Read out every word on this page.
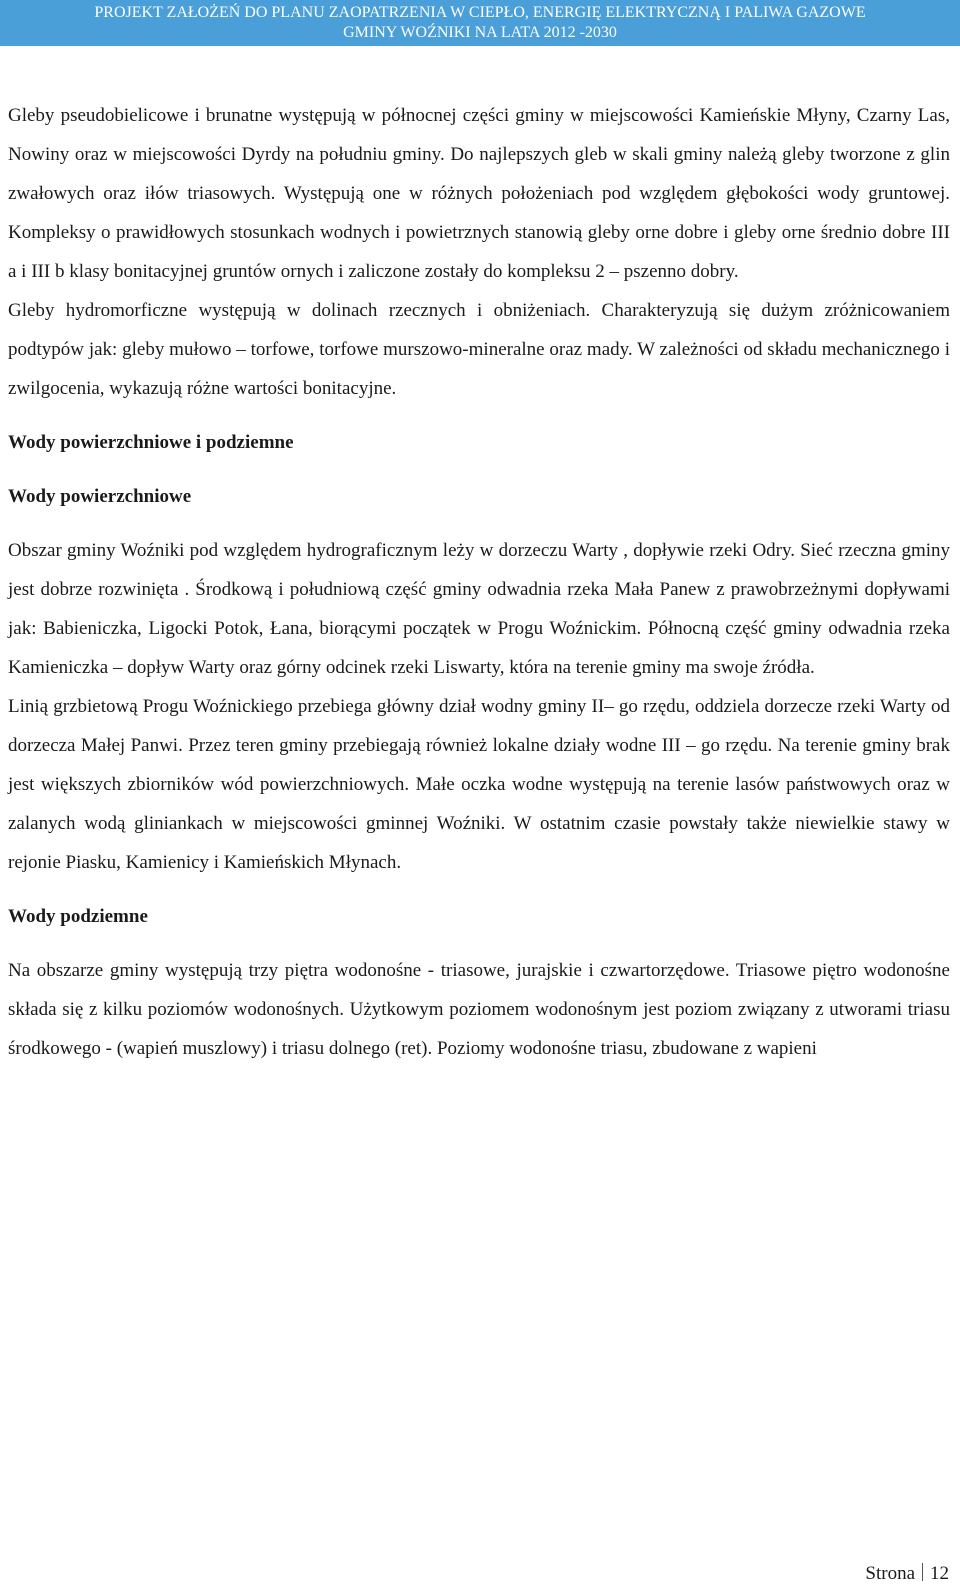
PROJEKT ZAŁOŻEŃ DO PLANU ZAOPATRZENIA W CIEPŁO, ENERGIĘ ELEKTRYCZNĄ I PALIWA GAZOWE
GMINY WOŹNIKI NA LATA 2012 -2030

Gleby pseudobielicowe i brunatne występują w północnej części gminy w miejscowości Kamieńskie Młyny, Czarny Las, Nowiny oraz w miejscowości Dyrdy na południu gminy. Do najlepszych gleb w skali gminy należą gleby tworzone z glin zwałowych oraz iłów triasowych. Występują one w różnych położeniach pod względem głębokości wody gruntowej. Kompleksy o prawidłowych stosunkach wodnych i powietrznych stanowią gleby orne dobre i gleby orne średnio dobre III a i III b klasy bonitacyjnej gruntów ornych i zaliczone zostały do kompleksu 2 – pszenno dobry.

Gleby hydromorficzne występują w dolinach rzecznych i obniżeniach. Charakteryzują się dużym zróżnicowaniem podtypów jak: gleby mułowo – torfowe, torfowe murszowo-mineralne oraz mady. W zależności od składu mechanicznego i zwilgocenia, wykazują różne wartości bonitacyjne.

Wody powierzchniowe i podziemne
Wody powierzchniowe

Obszar gminy Woźniki pod względem hydrograficznym leży w dorzeczu Warty , dopływie rzeki Odry. Sieć rzeczna gminy jest dobrze rozwinięta . Środkową i południową część gminy odwadnia rzeka Mała Panew z prawobrzeżnymi dopływami jak: Babieniczka, Ligocki Potok, Łana, biorącymi początek w Progu Woźnickim. Północną część gminy odwadnia rzeka Kamieniczka – dopływ Warty oraz górny odcinek rzeki Liswarty, która na terenie gminy ma swoje źródła.

Linią grzbietową Progu Woźnickiego przebiega główny dział wodny gminy II– go rzędu, oddziela dorzecze rzeki Warty od dorzecza Małej Panwi. Przez teren gminy przebiegają również lokalne działy wodne III – go rzędu. Na terenie gminy brak jest większych zbiorników wód powierzchniowych. Małe oczka wodne występują na terenie lasów państwowych oraz w zalanych wodą gliniankach w miejscowości gminnej Woźniki. W ostatnim czasie powstały także niewielkie stawy w rejonie Piasku, Kamienicy i Kamieńskich Młynach.

Wody podziemne

Na obszarze gminy występują trzy piętra wodonośne - triasowe, jurajskie i czwartorzędowe. Triasowe piętro wodonośne składa się z kilku poziomów wodonośnych. Użytkowym poziomem wodonośnym jest poziom związany z utworami triasu środkowego - (wapień muszlowy) i triasu dolnego (ret). Poziomy wodonośne triasu, zbudowane z wapieni

Strona 12
